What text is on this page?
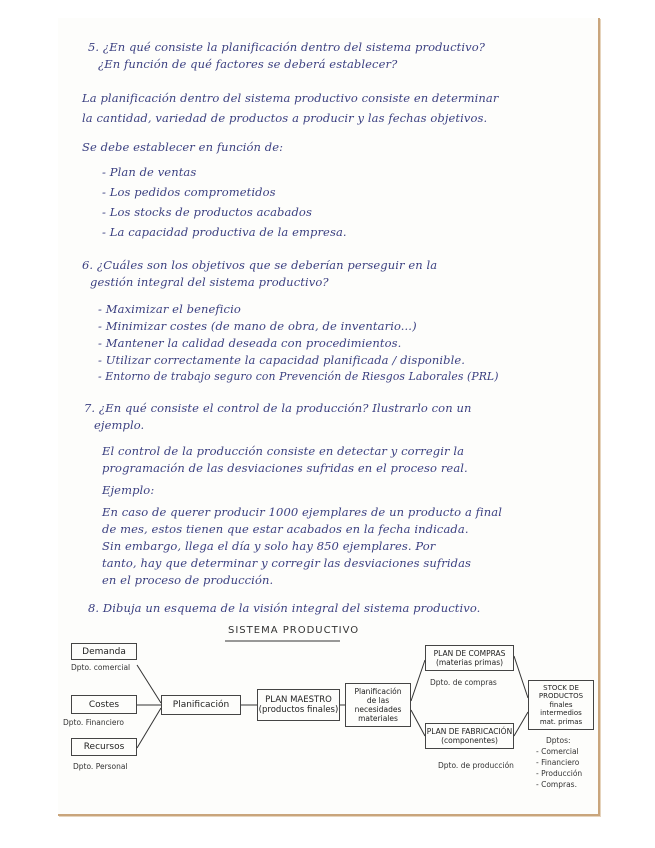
5. ¿En qué consiste la planificación dentro del sistema productivo?
¿En función de qué factores se deberá establecer?
La planificación dentro del sistema productivo consiste en determinar
la cantidad, variedad de productos a producir y las fechas objetivos.
Se debe establecer en función de:
- Plan de ventas
- Los pedidos comprometidos
- Los stocks de productos acabados
- La capacidad productiva de la empresa.
6. ¿Cuáles son los objetivos que se deberían perseguir en la
gestión integral del sistema productivo?
- Maximizar el beneficio
- Minimizar costes (de mano de obra, de inventario...)
- Mantener la calidad deseada con procedimientos.
- Utilizar correctamente la capacidad planificada / disponible.
- Entorno de trabajo seguro con Prevención de Riesgos Laborales (PRL)
7. ¿En qué consiste el control de la producción? Ilustrarlo con un
ejemplo.
El control de la producción consiste en detectar y corregir la
programación de las desviaciones sufridas en el proceso real.
Ejemplo:
En caso de querer producir 1000 ejemplares de un producto a final
de mes, estos tienen que estar acabados en la fecha indicada.
Sin embargo, llega el día y solo hay 850 ejemplares. Por
tanto, hay que determinar y corregir las desviaciones sufridas
en el proceso de producción.
8. Dibuja un esquema de la visión integral del sistema productivo.
SISTEMA PRODUCTIVO
Demanda
Dpto. comercial
Costes
Dpto. Financiero
Recursos
Dpto. Personal
Planificación	PLAN MAESTRO
(productos finales)
Planificación
de las
necesidades
materiales
PLAN DE COMPRAS
(materias primas)
Dpto. de compras
PLAN DE FABRICACIÓN
(componentes)
Dpto. de producción
STOCK DE
PRODUCTOS
finales
intermedios
mat. primas
Dptos:
- Comercial
- Financiero
- Producción
- Compras.
